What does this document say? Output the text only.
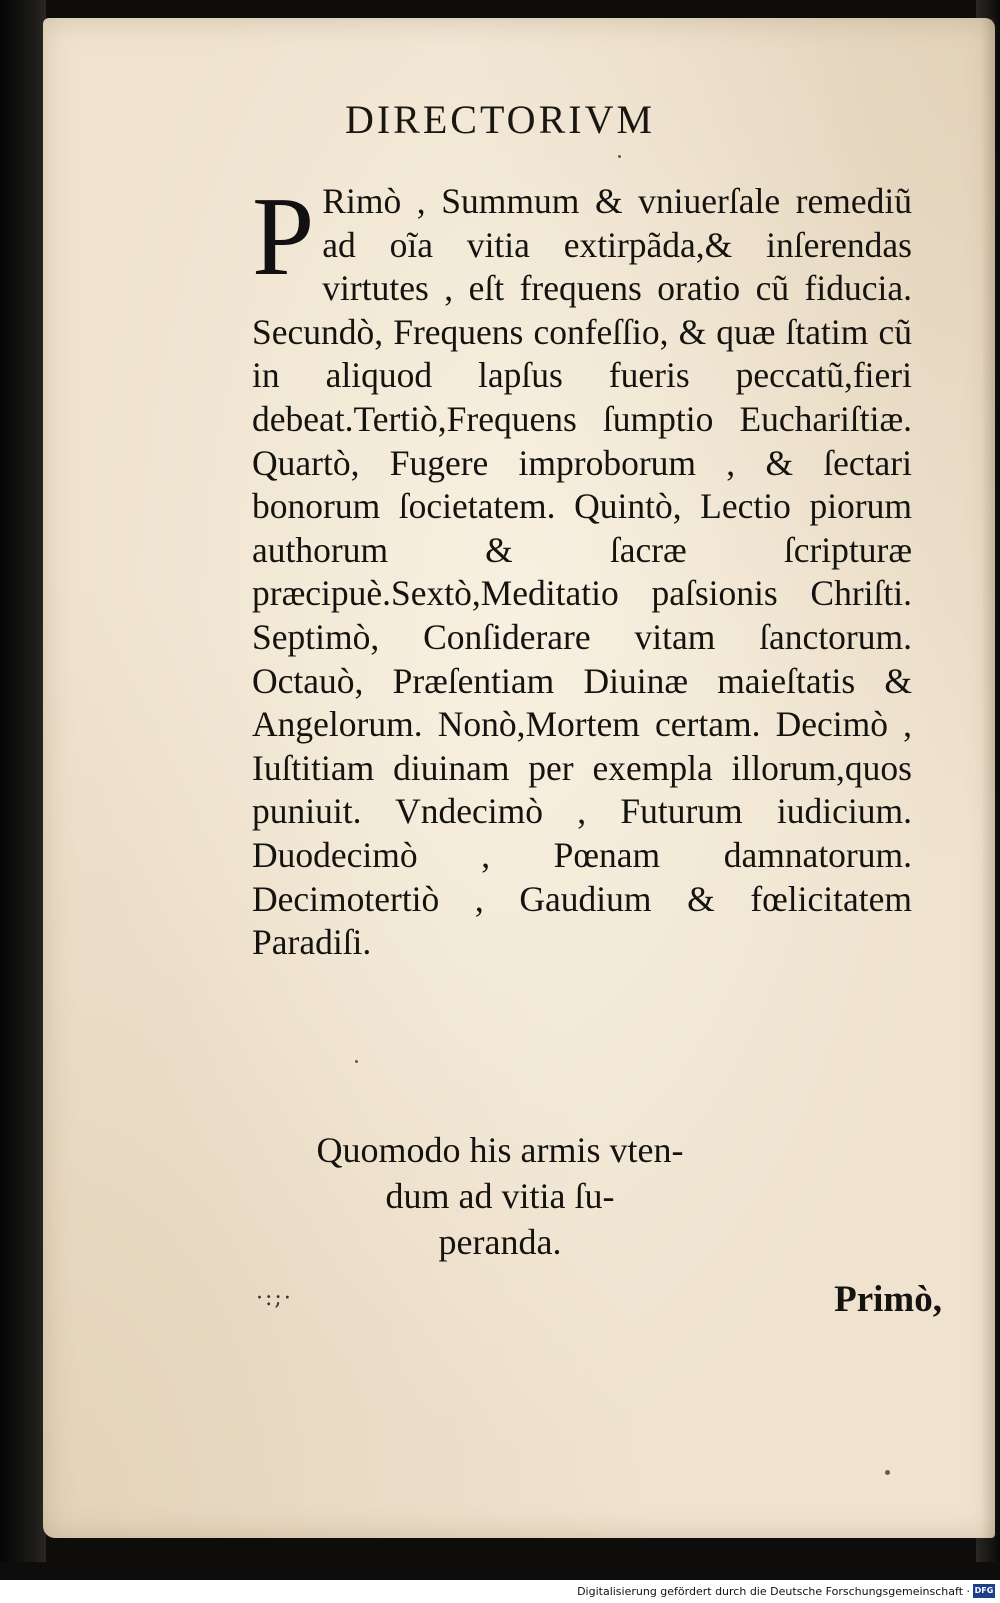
DIRECTORIVM
P Rimò , Summum & vniuerſale remediũ ad oĩa vitia extirpãda,& inſerendas virtutes , eſt frequens oratio cũ fiducia. Secundò, Frequens confeſſio, & quæ ſtatim cũ in aliquod lapſus fueris peccatũ,fieri debeat.Tertiò,Frequens ſumptio Euchariſtiæ. Quartò, Fugere improborum , & ſectari bonorum ſocietatem. Quintò, Lectio piorum authorum & ſacræ ſcripturæ præcipuè.Sextò,Meditatio paſsionis Chriſti. Septimò, Conſiderare vitam ſanctorum. Octauò, Præſentiam Diuinæ maieſtatis & Angelorum. Nonò,Mortem certam. Decimò , Iuſtitiam diuinam per exempla illorum,quos puniuit. Vndecimò , Futurum iudicium. Duodecimò , Pœnam damnatorum. Decimotertiò , Gaudium & fœlicitatem Paradiſi.
Quomodo his armis vten-
dum ad vitia ſu-
peranda.
·:;·	Primò,
Digitalisierung gefördert durch die Deutsche Forschungsgemeinschaft · DFG
